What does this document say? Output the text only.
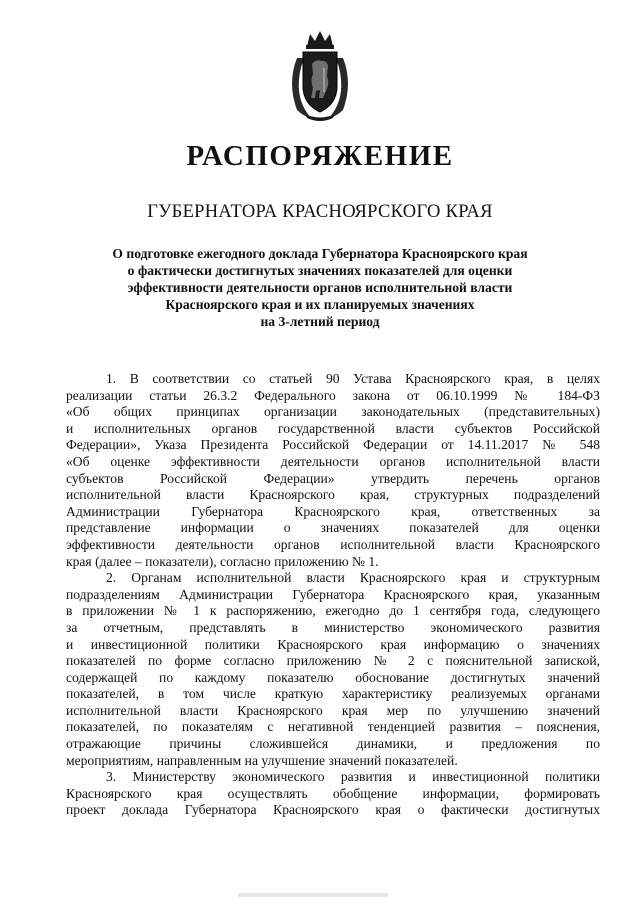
РАСПОРЯЖЕНИЕ
ГУБЕРНАТОРА КРАСНОЯРСКОГО КРАЯ
О подготовке ежегодного доклада Губернатора Красноярского края
о фактически достигнутых значениях показателей для оценки
эффективности деятельности органов исполнительной власти
Красноярского края и их планируемых значениях
на 3-летний период
1. В соответствии со статьей 90 Устава Красноярского края, в целях
реализации статьи 26.3.2 Федерального закона от 06.10.1999 № 184-ФЗ
«Об общих принципах организации законодательных (представительных)
и исполнительных органов государственной власти субъектов Российской
Федерации», Указа Президента Российской Федерации от 14.11.2017 № 548
«Об оценке эффективности деятельности органов исполнительной власти
субъектов Российской Федерации» утвердить перечень органов
исполнительной власти Красноярского края, структурных подразделений
Администрации Губернатора Красноярского края, ответственных за
представление информации о значениях показателей для оценки
эффективности деятельности органов исполнительной власти Красноярского
края (далее – показатели), согласно приложению № 1.
2. Органам исполнительной власти Красноярского края и структурным
подразделениям Администрации Губернатора Красноярского края, указанным
в приложении № 1 к распоряжению, ежегодно до 1 сентября года, следующего
за отчетным, представлять в министерство экономического развития
и инвестиционной политики Красноярского края информацию о значениях
показателей по форме согласно приложению № 2 с пояснительной запиской,
содержащей по каждому показателю обоснование достигнутых значений
показателей, в том числе краткую характеристику реализуемых органами
исполнительной власти Красноярского края мер по улучшению значений
показателей, по показателям с негативной тенденцией развития – пояснения,
отражающие причины сложившейся динамики, и предложения по
мероприятиям, направленным на улучшение значений показателей.
3. Министерству экономического развития и инвестиционной политики
Красноярского края осуществлять обобщение информации, формировать
проект доклада Губернатора Красноярского края о фактически достигнутых
